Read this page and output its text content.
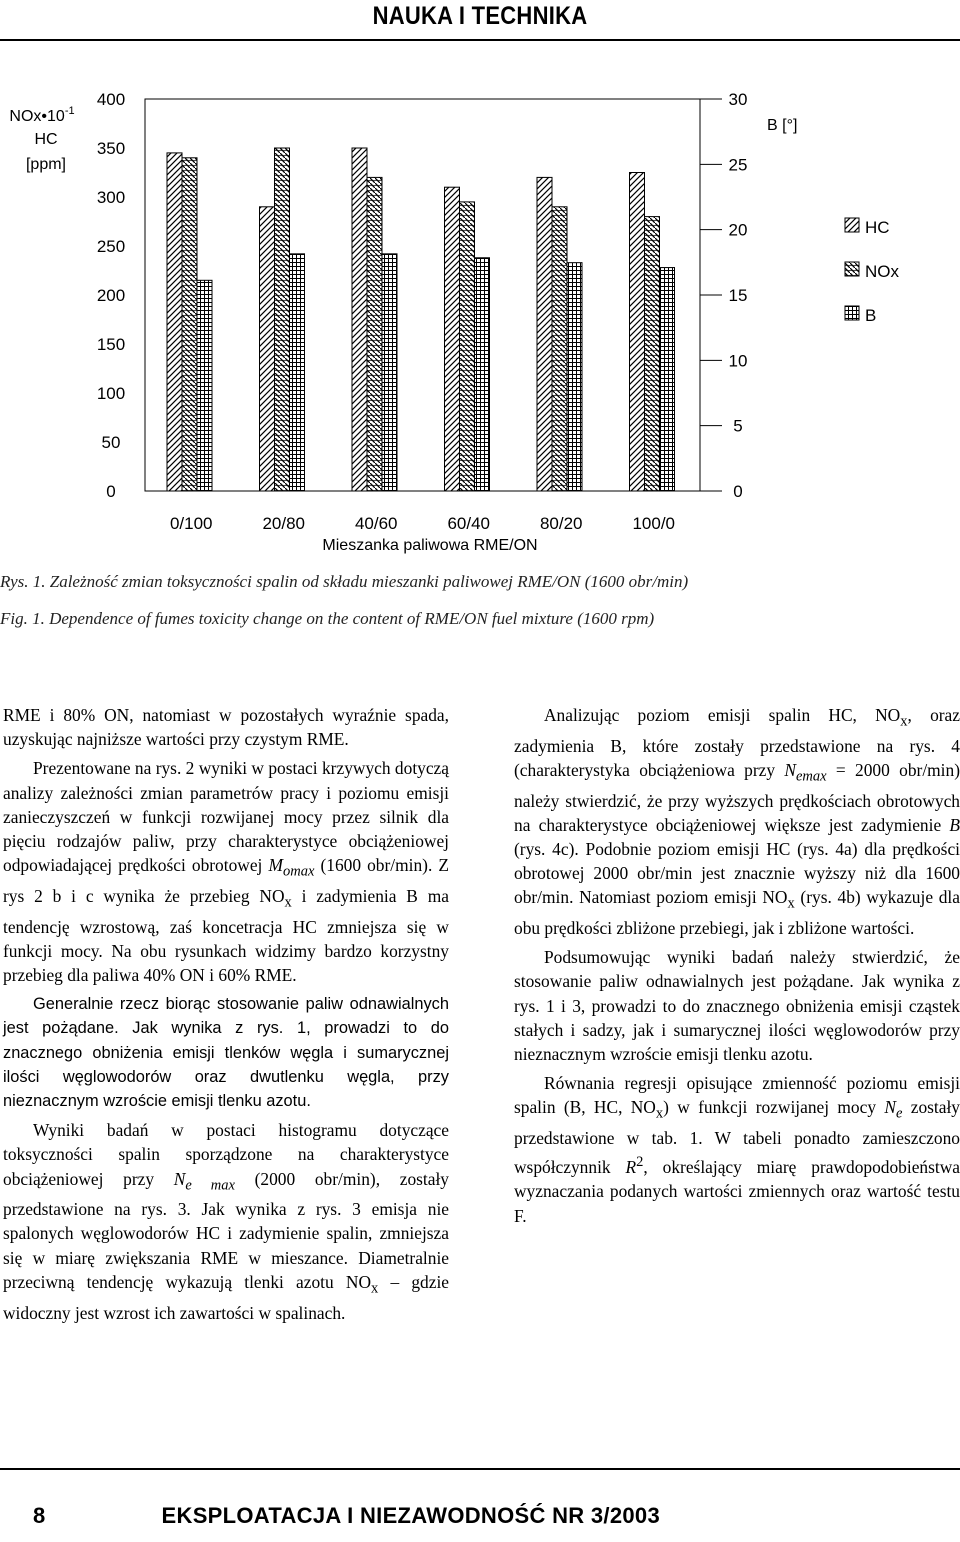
NAUKA I TECHNIKA
400
350
300
250
200
150
100
50
0
30
25
20
15
10
5
0
0/100	20/80	40/60	60/40	80/20	100/0
Mieszanka paliwowa RME/ON
$NOx•10^{-1}$
HC
[ppm]
B [°]
HC
NOx
B
Rys. 1. Zależność zmian toksyczności spalin od składu mieszanki paliwowej RME/ON (1600 obr/min)
Fig. 1. Dependence of fumes toxicity change on the content of RME/ON fuel mixture (1600 rpm)

RME i 80% ON, natomiast w pozostałych wyraźnie spada, uzyskując najniższe wartości przy czystym RME.

Prezentowane na rys. 2 wyniki w postaci krzywych dotyczą analizy zależności zmian parametrów pracy i poziomu emisji zanieczyszczeń w funkcji rozwijanej mocy przez silnik dla pięciu rodzajów paliw, przy charakterystyce obciążeniowej odpowiadającej prędkości obrotowej $M_{omax}$ (1600 obr/min). Z rys 2 b i c wynika że przebieg $NO_x$ i zadymienia B ma tendencję wzrostową, zaś koncetracja HC zmniejsza się w funkcji mocy. Na obu rysunkach widzimy bardzo korzystny przebieg dla paliwa 40% ON i 60% RME.

Generalnie rzecz biorąc stosowanie paliw odnawialnych jest pożądane. Jak wynika z rys. 1, prowadzi to do znacznego obniżenia emisji tlenków węgla i sumarycznej ilości węglowodorów oraz dwutlenku węgla, przy nieznacznym wzroście emisji tlenku azotu.

Wyniki badań w postaci histogramu dotyczące toksyczności spalin sporządzone na charakterystyce obciążeniowej przy $N_{e max}$ (2000 obr/min), zostały przedstawione na rys. 3. Jak wynika z rys. 3 emisja nie spalonych węglowodorów HC i zadymienie spalin, zmniejsza się w miarę zwiększania RME w mieszance. Diametralnie przeciwną tendencję wykazują tlenki azotu $NO_x$ – gdzie widoczny jest wzrost ich zawartości w spalinach.

Analizując poziom emisji spalin HC, $NO_x$, oraz zadymienia B, które zostały przedstawione na rys. 4 (charakterystyka obciążeniowa przy $N_{emax} = 2000$ obr/min) należy stwierdzić, że przy wyższych prędkościach obrotowych na charakterystyce obciążeniowej większe jest zadymienie B (rys. 4c). Podobnie poziom emisji HC (rys. 4a) dla prędkości obrotowej 2000 obr/min jest znacznie wyższy niż dla 1600 obr/min. Natomiast poziom emisji $NO_x$ (rys. 4b) wykazuje dla obu prędkości zbliżone przebiegi, jak i zbliżone wartości.

Podsumowując wyniki badań należy stwierdzić, że stosowanie paliw odnawialnych jest pożądane. Jak wynika z rys. 1 i 3, prowadzi to do znacznego obniżenia emisji cząstek stałych i sadzy, jak i sumarycznej ilości węglowodorów przy nieznacznym wzroście emisji tlenku azotu.

Równania regresji opisujące zmienność poziomu emisji spalin (B, HC, $NO_x$) w funkcji rozwijanej mocy $N_e$ zostały przedstawione w tab. 1. W tabeli ponadto zamieszczono współczynnik $R^2$, określający miarę prawdopodobieństwa wyznaczania podanych wartości zmiennych oraz wartość testu F.

8	EKSPLOATACJA I NIEZAWODNOŚĆ NR 3/2003
